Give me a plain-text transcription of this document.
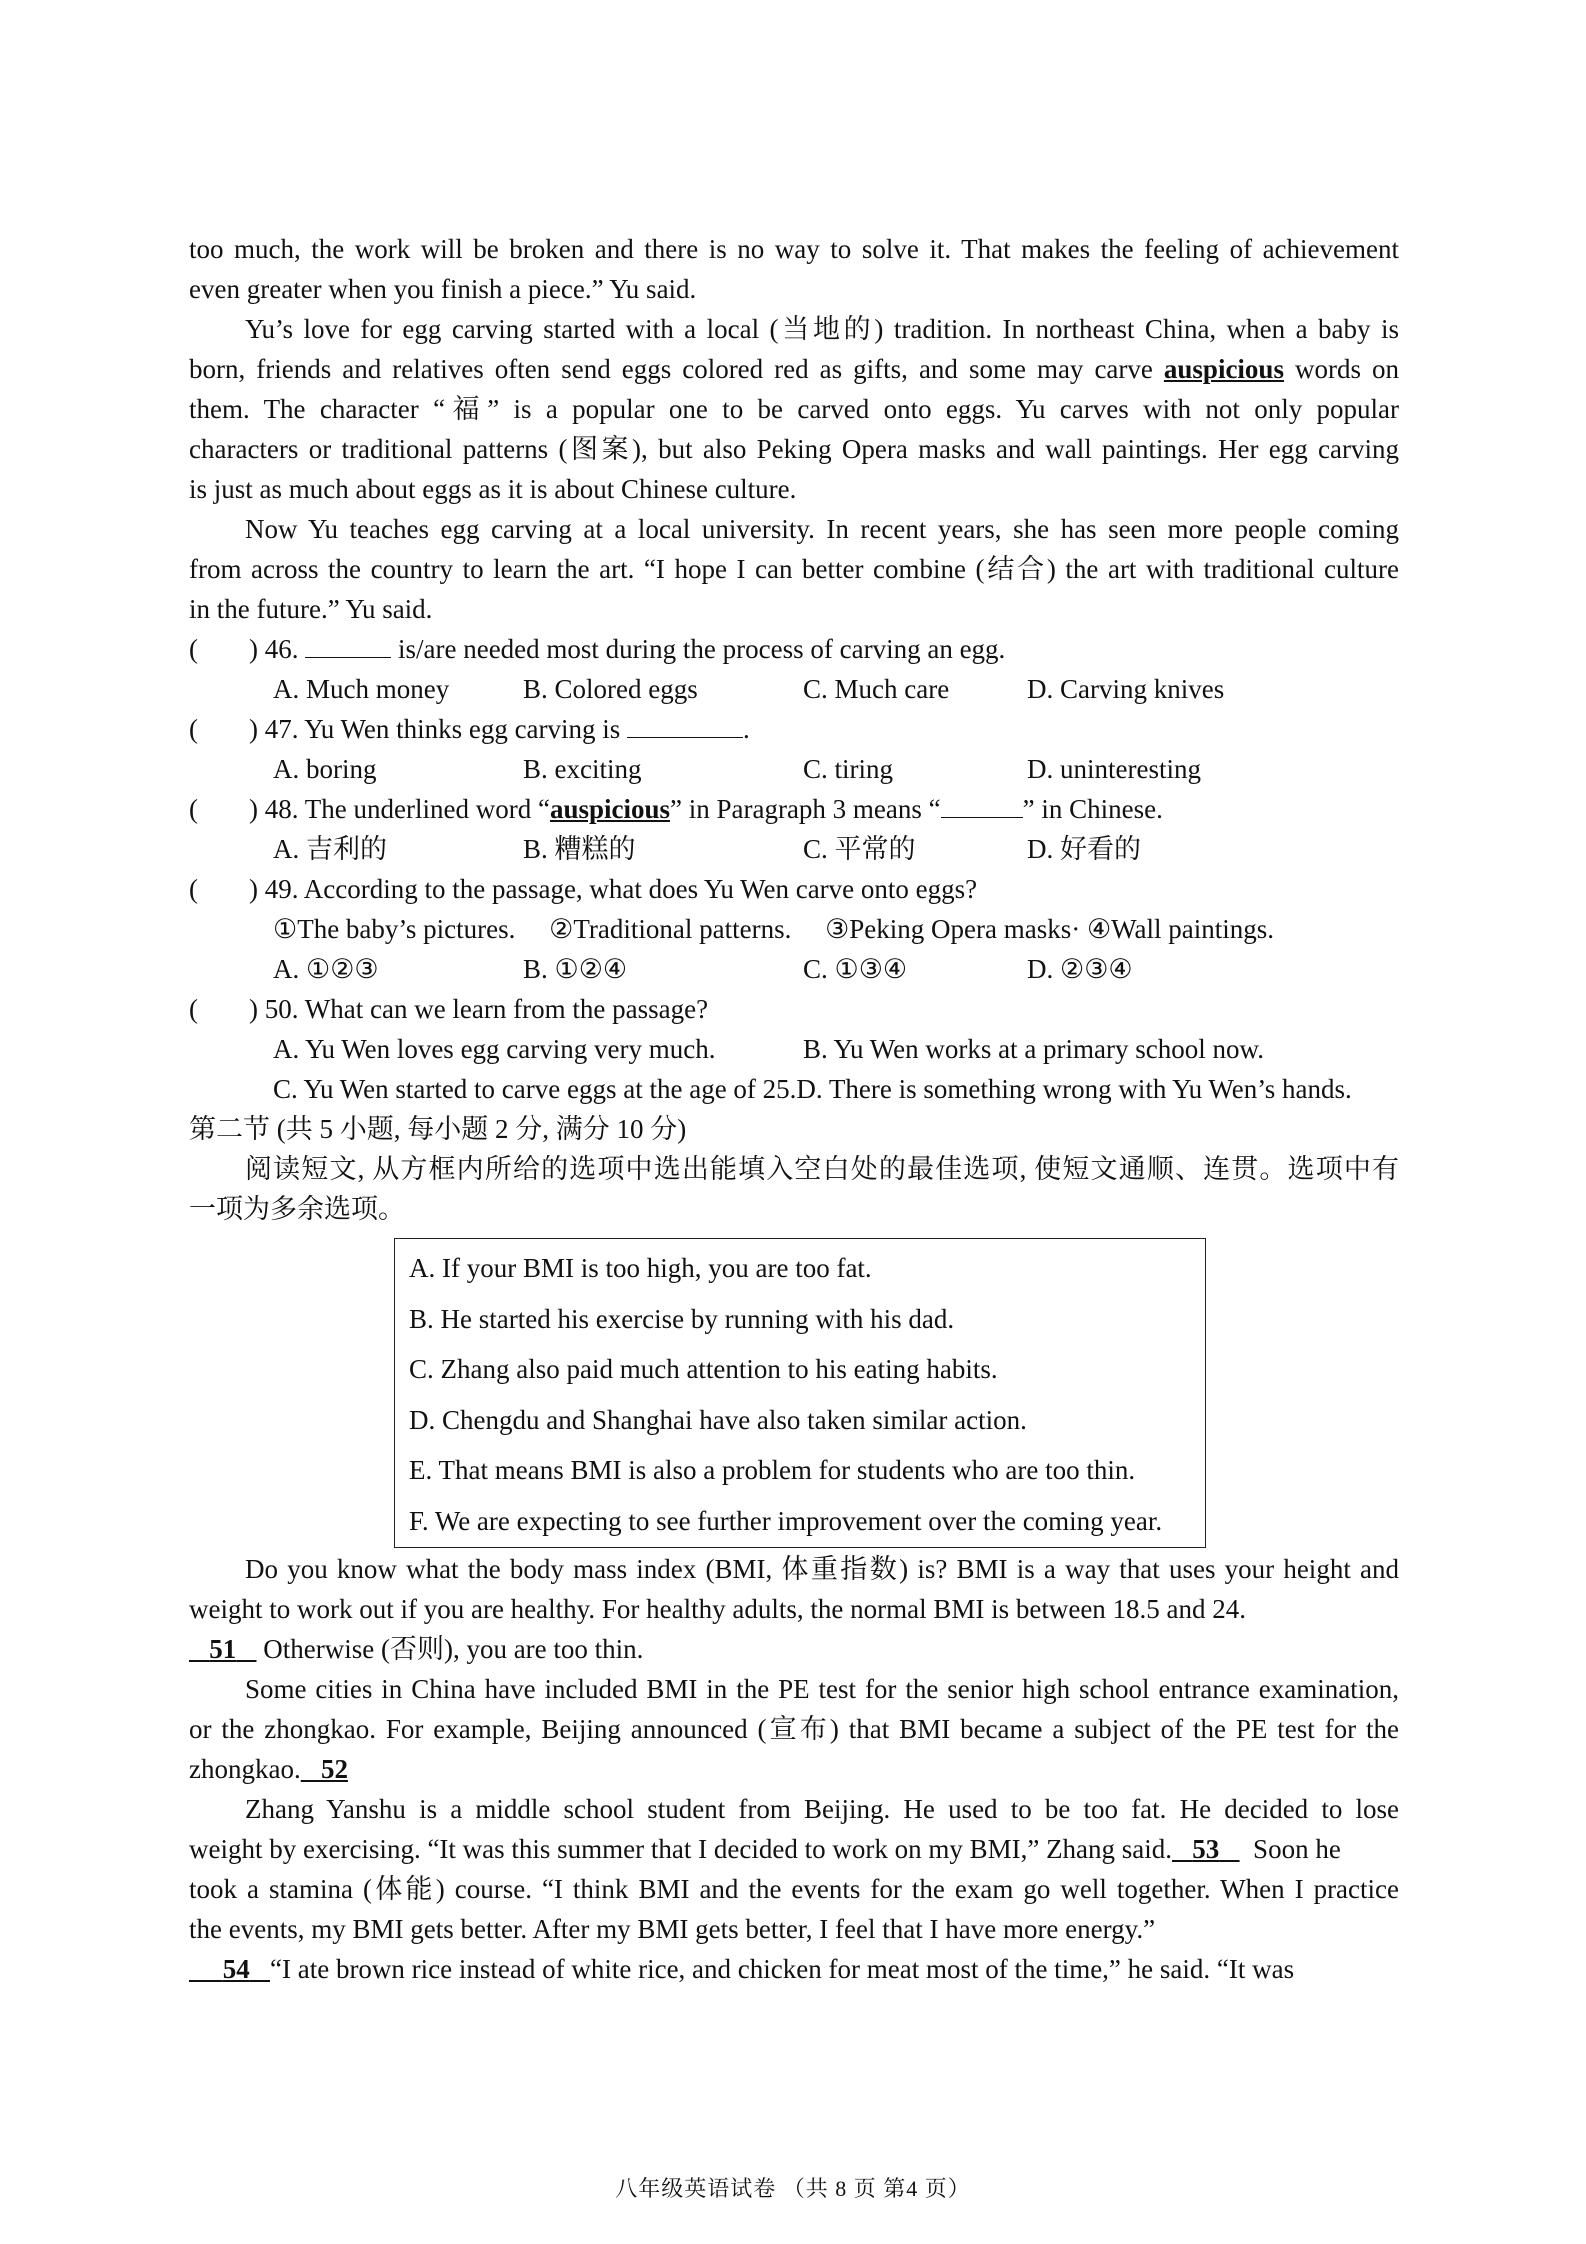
too much, the work will be broken and there is no way to solve it. That makes the feeling of achievement
even greater when you finish a piece.” Yu said.
Yu’s love for egg carving started with a local (当地的) tradition. In northeast China, when a baby is
born, friends and relatives often send eggs colored red as gifts, and some may carve auspicious words on
them. The character “福” is a popular one to be carved onto eggs. Yu carves with not only popular
characters or traditional patterns (图案), but also Peking Opera masks and wall paintings. Her egg carving
is just as much about eggs as it is about Chinese culture.
Now Yu teaches egg carving at a local university. In recent years, she has seen more people coming
from across the country to learn the art. “I hope I can better combine (结合) the art with traditional culture
in the future.” Yu said.
( ) 46.	is/are needed most during the process of carving an egg.
A. Much money	B. Colored eggs	C. Much care	D. Carving knives
( ) 47. Yu Wen thinks egg carving is	.
A. boring	B. exciting	C. tiring	D. uninteresting
( ) 48. The underlined word “auspicious” in Paragraph 3 means “	” in Chinese.
A. 吉利的	B. 糟糕的	C. 平常的	D. 好看的
( ) 49. According to the passage, what does Yu Wen carve onto eggs?
①The baby’s pictures.     ②Traditional patterns.     ③Peking Opera masks· ④Wall paintings.
A. ①②③	B. ①②④	C. ①③④	D. ②③④
( ) 50. What can we learn from the passage?
A. Yu Wen loves egg carving very much.	B. Yu Wen works at a primary school now.
C. Yu Wen started to carve eggs at the age of 25.D. There is something wrong with Yu Wen’s hands.
第二节 (共 5 小题, 每小题 2 分, 满分 10 分)
阅读短文, 从方框内所给的选项中选出能填入空白处的最佳选项, 使短文通顺、连贯。选项中有
一项为多余选项。
A. If your BMI is too high, you are too fat.
B. He started his exercise by running with his dad.
C. Zhang also paid much attention to his eating habits.
D. Chengdu and Shanghai have also taken similar action.
E. That means BMI is also a problem for students who are too thin.
F. We are expecting to see further improvement over the coming year.
Do you know what the body mass index (BMI, 体重指数) is? BMI is a way that uses your height and
weight to work out if you are healthy. For healthy adults, the normal BMI is between 18.5 and 24.
51    Otherwise (否则), you are too thin.
Some cities in China have included BMI in the PE test for the senior high school entrance examination,
or the zhongkao. For example, Beijing announced (宣布) that BMI became a subject of the PE test for the
zhongkao. 52
Zhang Yanshu is a middle school student from Beijing. He used to be too fat. He decided to lose
weight by exercising. “It was this summer that I decided to work on my BMI,” Zhang said. 53     Soon he
took a stamina (体能) course. “I think BMI and the events for the exam go well together. When I practice
the events, my BMI gets better. After my BMI gets better, I feel that I have more energy.”
54 “I ate brown rice instead of white rice, and chicken for meat most of the time,” he said. “It was
八年级英语试卷 （共 8 页 第4 页）
